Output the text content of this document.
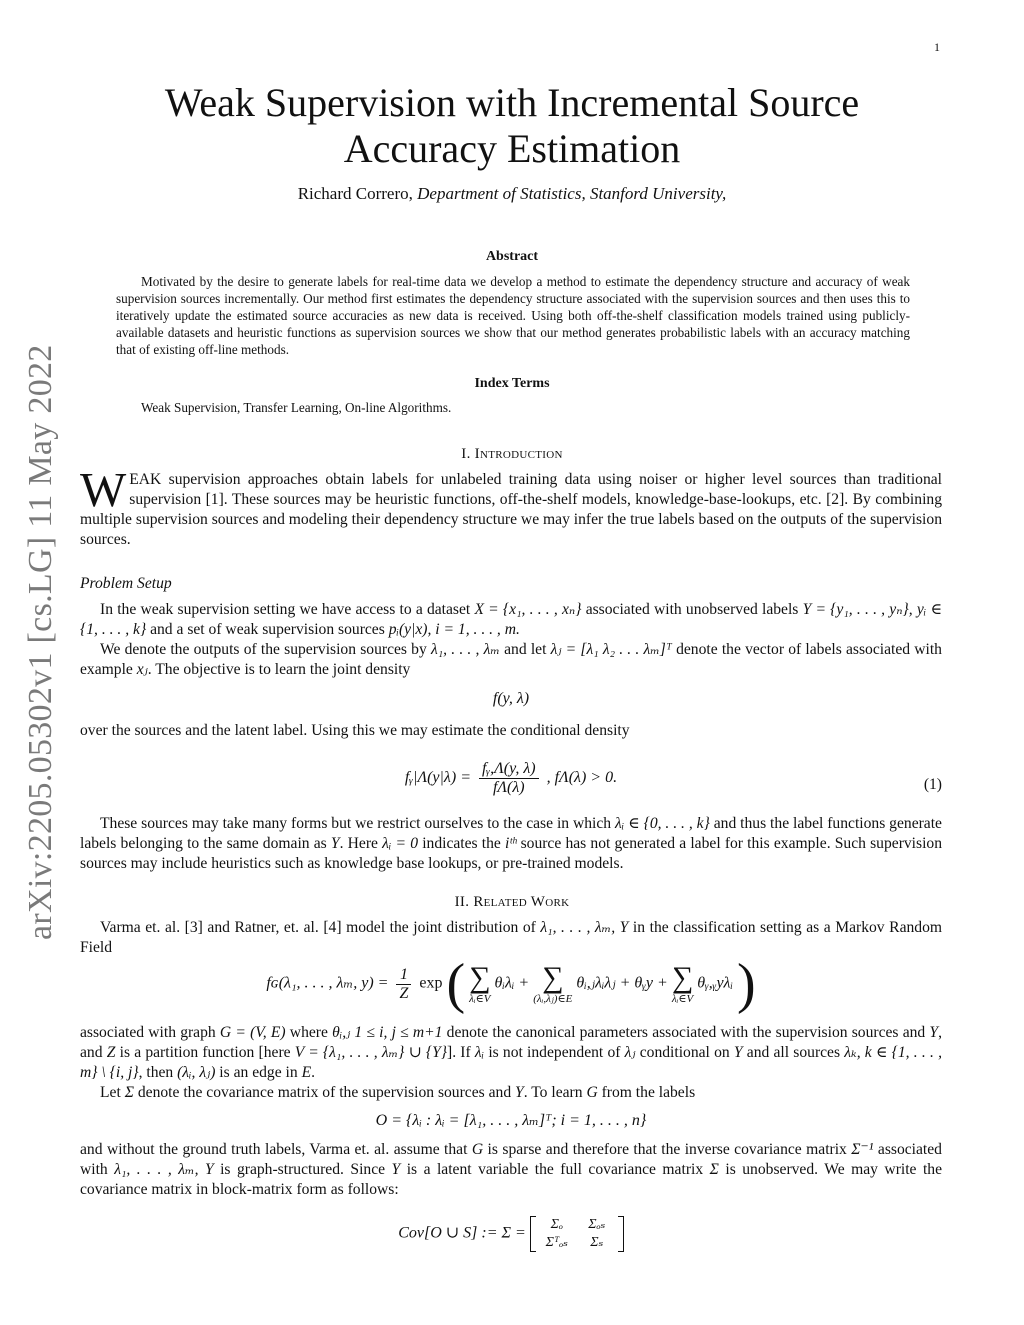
1
arXiv:2205.05302v1 [cs.LG] 11 May 2022
Weak Supervision with Incremental Source
Accuracy Estimation
Richard Correro, Department of Statistics, Stanford University,
Abstract
Motivated by the desire to generate labels for real-time data we develop a method to estimate the dependency structure and accuracy of weak supervision sources incrementally. Our method first estimates the dependency structure associated with the supervision sources and then uses this to iteratively update the estimated source accuracies as new data is received. Using both off-the-shelf classification models trained using publicly-available datasets and heuristic functions as supervision sources we show that our method generates probabilistic labels with an accuracy matching that of existing off-line methods.
Index Terms
Weak Supervision, Transfer Learning, On-line Algorithms.
I. Introduction
WEAK supervision approaches obtain labels for unlabeled training data using noiser or higher level sources than traditional supervision [1]. These sources may be heuristic functions, off-the-shelf models, knowledge-base-lookups, etc. [2]. By combining multiple supervision sources and modeling their dependency structure we may infer the true labels based on the outputs of the supervision sources.
Problem Setup
In the weak supervision setting we have access to a dataset X = {x₁, . . . , xₙ} associated with unobserved labels Y = {y₁, . . . , yₙ}, yᵢ ∈ {1, . . . , k} and a set of weak supervision sources pᵢ(y|x), i = 1, . . . , m.
We denote the outputs of the supervision sources by λ₁, . . . , λₘ and let λⱼ = [λ₁ λ₂ . . . λₘ]ᵀ denote the vector of labels associated with example xⱼ. The objective is to learn the joint density
f(y, λ)
over the sources and the latent label. Using this we may estimate the conditional density
fᵧ|Λ(y|λ) = $\frac{\text{fᵧ,Λ(y, λ)}}{f\Lambda(\lambda)}$ , fΛ(λ) > 0.	(1)
These sources may take many forms but we restrict ourselves to the case in which λᵢ ∈ {0, . . . , k} and thus the label functions generate labels belonging to the same domain as Y. Here λᵢ = 0 indicates the iᵗʰ source has not generated a label for this example. Such supervision sources may include heuristics such as knowledge base lookups, or pre-trained models.
II. Related Work
Varma et. al. [3] and Ratner, et. al. [4] model the joint distribution of λ₁, . . . , λₘ, Y in the classification setting as a Markov Random Field
fɢ(λ₁, . . . , λₘ, $y) = \frac{1}{Z}$ exp ( ∑
λᵢ∈V
θᵢλᵢ + ∑
(λᵢ,λⱼ)∈E
θᵢ,ⱼλᵢλⱼ + θᵧy + ∑
λᵢ∈V
θᵧ,ᵧyλᵢ )
associated with graph G = (V, E) where θᵢ,ⱼ 1 ≤ i, j ≤ m+1 denote the canonical parameters associated with the supervision sources and Y, and Z is a partition function [here V = {λ₁, . . . , λₘ} ∪ {Y}]. If λᵢ is not independent of λⱼ conditional on Y and all sources λₖ, k ∈ {1, . . . , m} \ {i, j}, then (λᵢ, λⱼ) is an edge in E.
Let Σ denote the covariance matrix of the supervision sources and Y. To learn G from the labels
O = {λᵢ : λᵢ = [λ₁, . . . , λₘ]ᵀ; i = 1, . . . , n}
and without the ground truth labels, Varma et. al. assume that G is sparse and therefore that the inverse covariance matrix Σ⁻¹ associated with λ₁, . . . , λₘ, Y is graph-structured. Since Y is a latent variable the full covariance matrix Σ is unobserved. We may write the covariance matrix in block-matrix form as follows:
Cov[O ∪ S] := Σ =
Σₒ Σₒₛ
Σᵀₒₛ Σₛ
